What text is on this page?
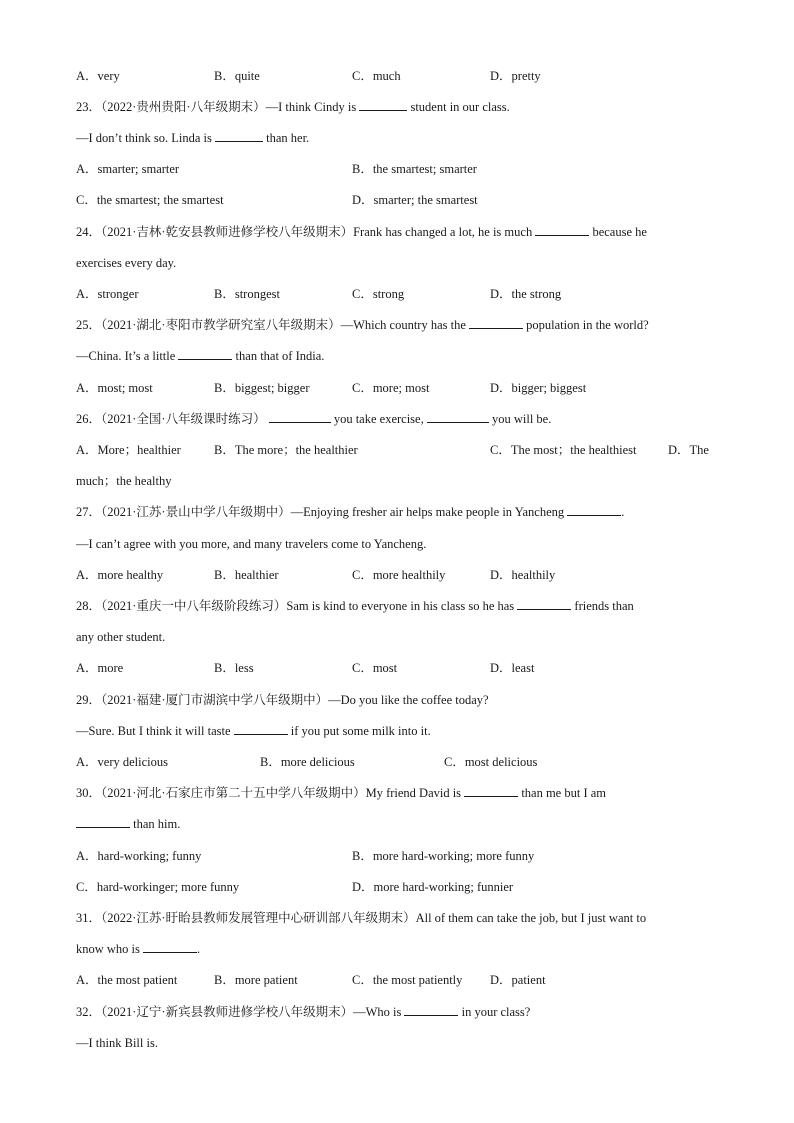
A．very	B．quite	C．much	D．pretty
23．（2022·贵州贵阳·八年级期末）—I think Cindy is	student in our class.
—I don’t think so. Linda is	than her.
A．smarter; smarter	B．the smartest; smarter
C．the smartest; the smartest	D．smarter; the smartest
24．（2021·吉林·乾安县教师进修学校八年级期末）Frank has changed a lot, he is much	because he
exercises every day.
A．stronger	B．strongest	C．strong	D．the strong
25．（2021·湖北·枣阳市教学研究室八年级期末）—Which country has the	population in the world?
—China. It’s a little	than that of India.
A．most; most	B．biggest; bigger	C．more; most	D．bigger; biggest
26．（2021·全国·八年级课时练习）	you take exercise,	you will be.
A．More；healthier	B．The more；the healthier	C．The most；the healthiest	D．The
much；the healthy
27．（2021·江苏·景山中学八年级期中）—Enjoying fresher air helps make people in Yancheng	.
—I can’t agree with you more, and many travelers come to Yancheng.
A．more healthy	B．healthier	C．more healthily	D．healthily
28．（2021·重庆一中八年级阶段练习）Sam is kind to everyone in his class so he has	friends than
any other student.
A．more	B．less	C．most	D．least
29．（2021·福建·厦门市湖滨中学八年级期中）—Do you like the coffee today?
—Sure. But I think it will taste	if you put some milk into it.
A．very delicious	B．more delicious	C．most delicious
30．（2021·河北·石家庄市第二十五中学八年级期中）My friend David is	than me but I am
than him.
A．hard-working; funny	B．more hard-working; more funny
C．hard-workinger; more funny	D．more hard-working; funnier
31．（2022·江苏·盱眙县教师发展管理中心研训部八年级期末）All of them can take the job, but I just want to
know who is	.
A．the most patient	B．more patient	C．the most patiently D．patient
32．（2021·辽宁·新宾县教师进修学校八年级期末）—Who is	in your class?
—I think Bill is.
